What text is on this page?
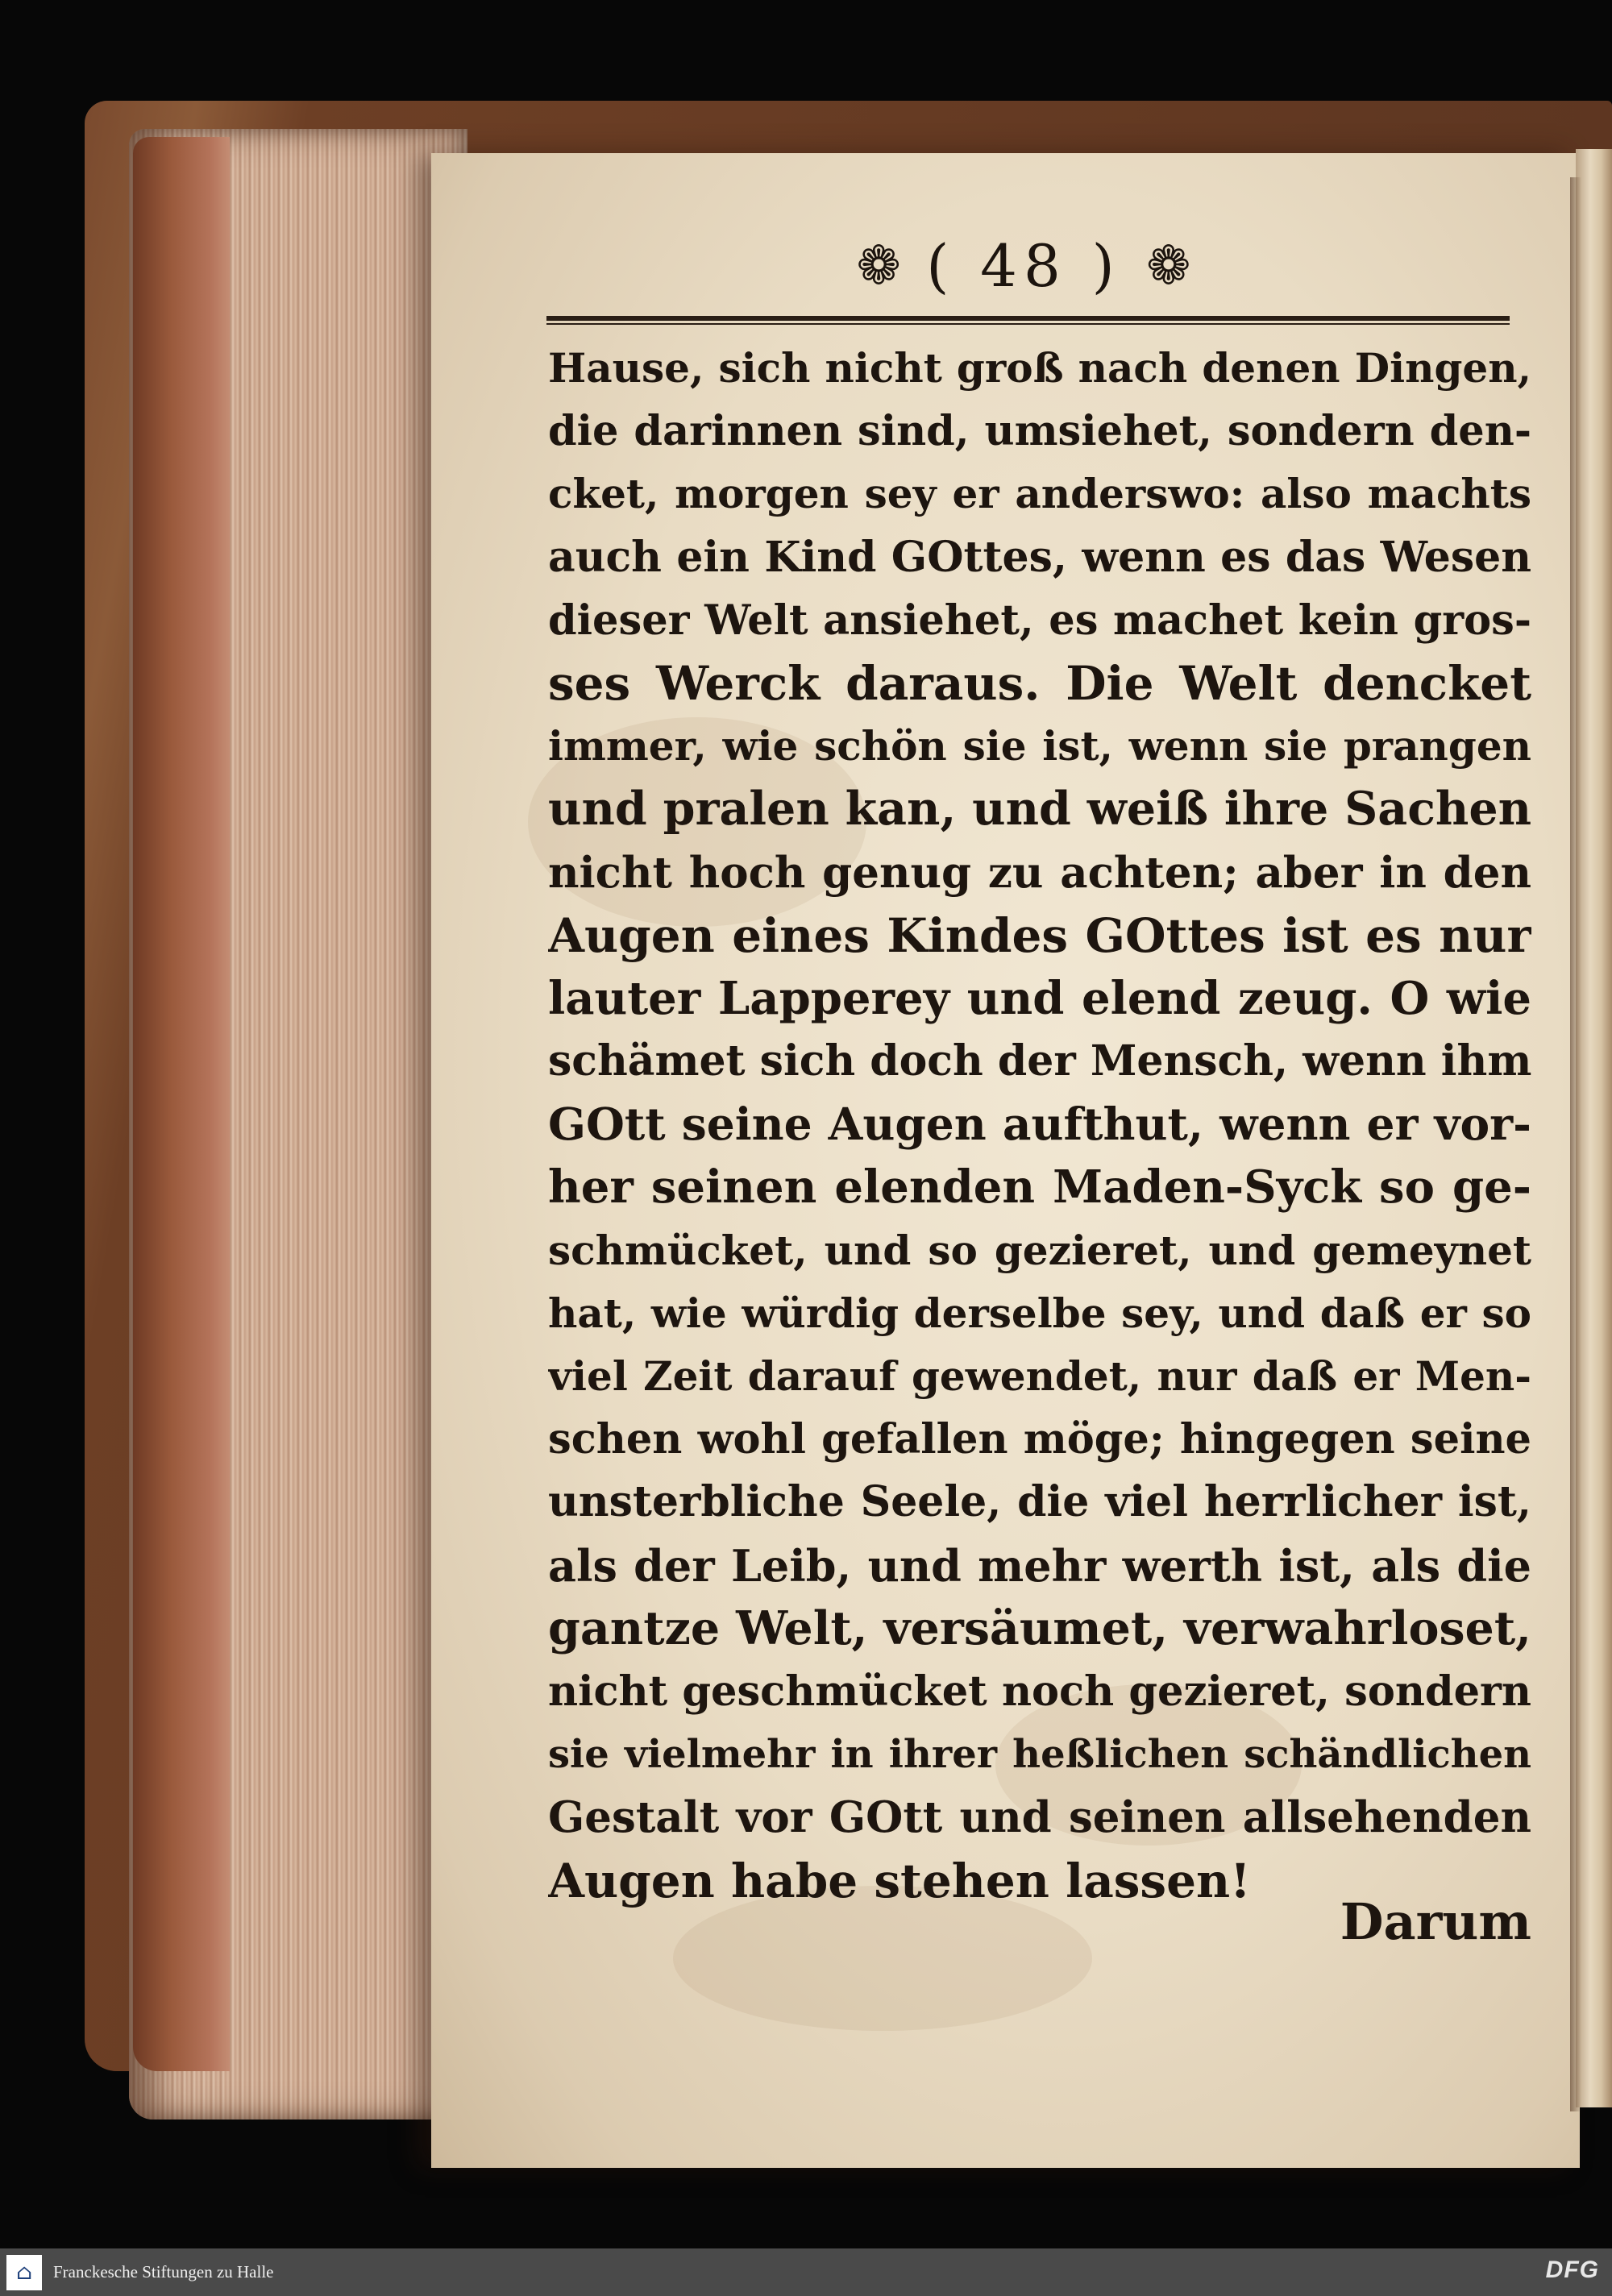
❁ ( 48 ) ❁
Hause, sich nicht groß nach denen Dingen,
die darinnen sind, umsiehet, sondern den-
cket, morgen sey er anderswo: also machts
auch ein Kind GOttes, wenn es das Wesen
dieser Welt ansiehet, es machet kein gros-
ses Werck daraus. Die Welt dencket
immer, wie schön sie ist, wenn sie prangen
und pralen kan, und weiß ihre Sachen
nicht hoch genug zu achten; aber in den
Augen eines Kindes GOttes ist es nur
lauter Lapperey und elend zeug. O wie
schämet sich doch der Mensch, wenn ihm
GOtt seine Augen aufthut, wenn er vor-
her seinen elenden Maden-Syck so ge-
schmücket, und so gezieret, und gemeynet
hat, wie würdig derselbe sey, und daß er so
viel Zeit darauf gewendet, nur daß er Men-
schen wohl gefallen möge; hingegen seine
unsterbliche Seele, die viel herrlicher ist,
als der Leib, und mehr werth ist, als die
gantze Welt, versäumet, verwahrloset,
nicht geschmücket noch gezieret, sondern
sie vielmehr in ihrer heßlichen schändlichen
Gestalt vor GOtt und seinen allsehenden
Augen habe stehen lassen!
Darum
⌂	Franckesche Stiftungen zu Halle	DFG
